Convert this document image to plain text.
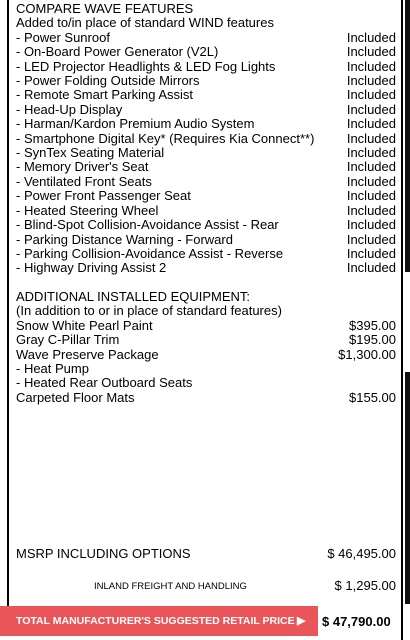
COMPARE WAVE FEATURES
Added to/in place of standard WIND features
- Power Sunroof	Included
- On-Board Power Generator (V2L)	Included
- LED Projector Headlights & LED Fog Lights	Included
- Power Folding Outside Mirrors	Included
- Remote Smart Parking Assist	Included
- Head-Up Display	Included
- Harman/Kardon Premium Audio System	Included
- Smartphone Digital Key* (Requires Kia Connect**) Included
- SynTex Seating Material	Included
- Memory Driver's Seat	Included
- Ventilated Front Seats	Included
- Power Front Passenger Seat	Included
- Heated Steering Wheel	Included
- Blind-Spot Collision-Avoidance Assist - Rear	Included
- Parking Distance Warning - Forward	Included
- Parking Collision-Avoidance Assist - Reverse	Included
- Highway Driving Assist 2	Included
ADDITIONAL INSTALLED EQUIPMENT:
(In addition to or in place of standard features)
Snow White Pearl Paint	$395.00
Gray C-Pillar Trim	$195.00
Wave Preserve Package	$1,300.00
- Heat Pump
- Heated Rear Outboard Seats
Carpeted Floor Mats	$155.00
MSRP INCLUDING OPTIONS	$ 46,495.00
INLAND FREIGHT AND HANDLING	$ 1,295.00
TOTAL MANUFACTURER'S SUGGESTED RETAIL PRICE ▶ $ 47,790.00
